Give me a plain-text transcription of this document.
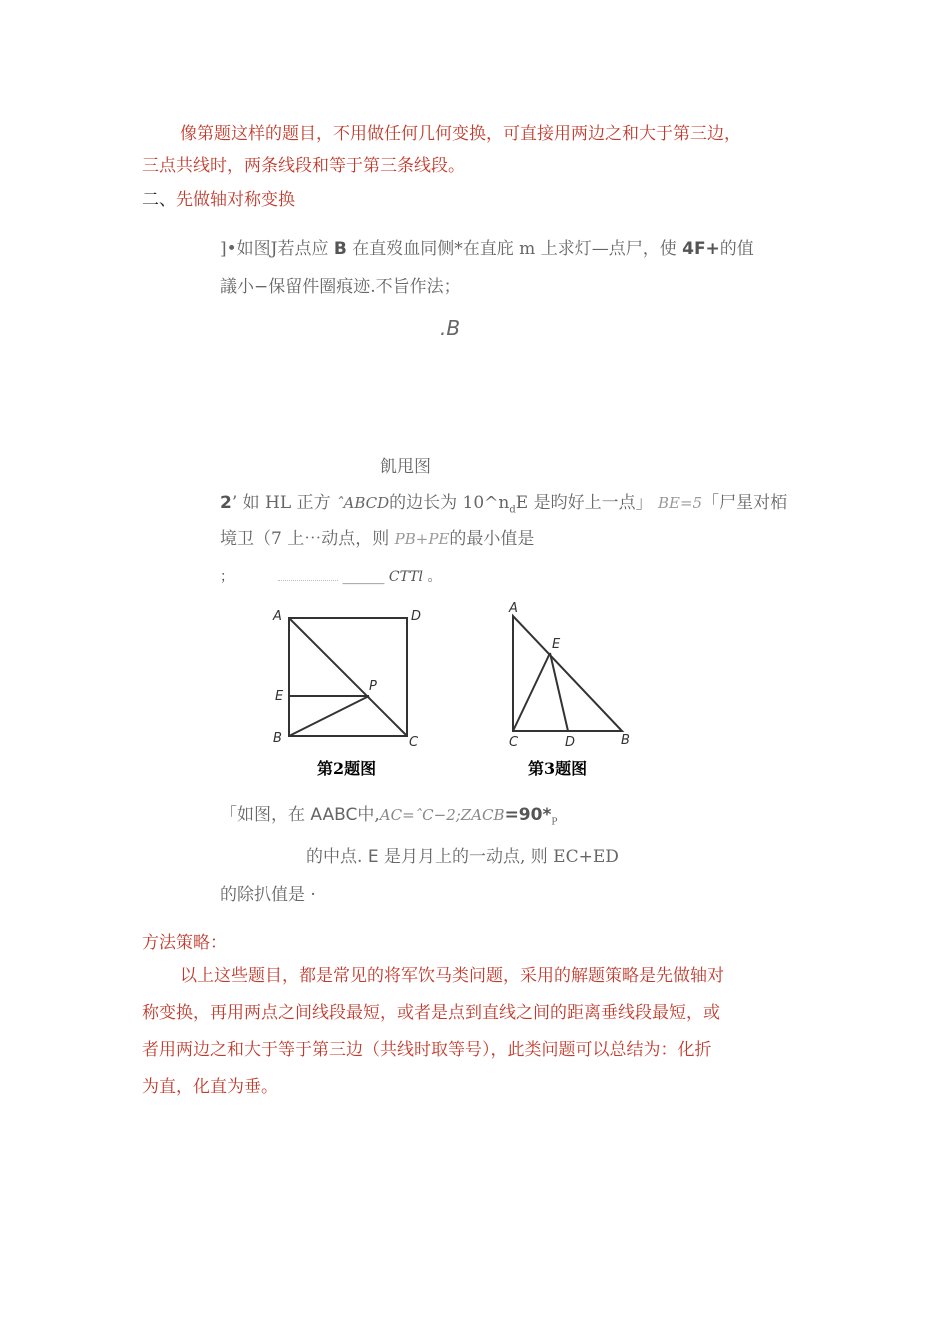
像第题这样的题目，不用做任何几何变换，可直接用两边之和大于第三边，
三点共线时，两条线段和等于第三条线段。
二、先做轴对称变换
]•如图J若点应 B 在直歿血同侧*在直庇 m 上求灯—点尸，使 4F+的值
議小−保留件圈痕迹.不旨作法；
.B
飢甩图
2’ 如 HL 正方 ˆABCD的边长为 $10\^{}n_dE$ 是昀好上一点」 BE=5「尸星对栢
境卫（7 上⋯动点，则 PB+PE的最小值是
；	______ CTTl 。
A	D
E
P
B	C
第2题图
A
E
C	D	B
第3题图
「如图，在 AABC中$,AC=ˆC-2;ZACB=90*_P$
的中点. E 是月月上的一动点, 则 EC+ED
的除扒值是 ·
方法策略：
以上这些题目，都是常见的将军饮马类问题，采用的解题策略是先做轴对
称变换，再用两点之间线段最短，或者是点到直线之间的距离垂线段最短，或
者用两边之和大于等于第三边（共线时取等号），此类问题可以总结为：化折
为直，化直为垂。
